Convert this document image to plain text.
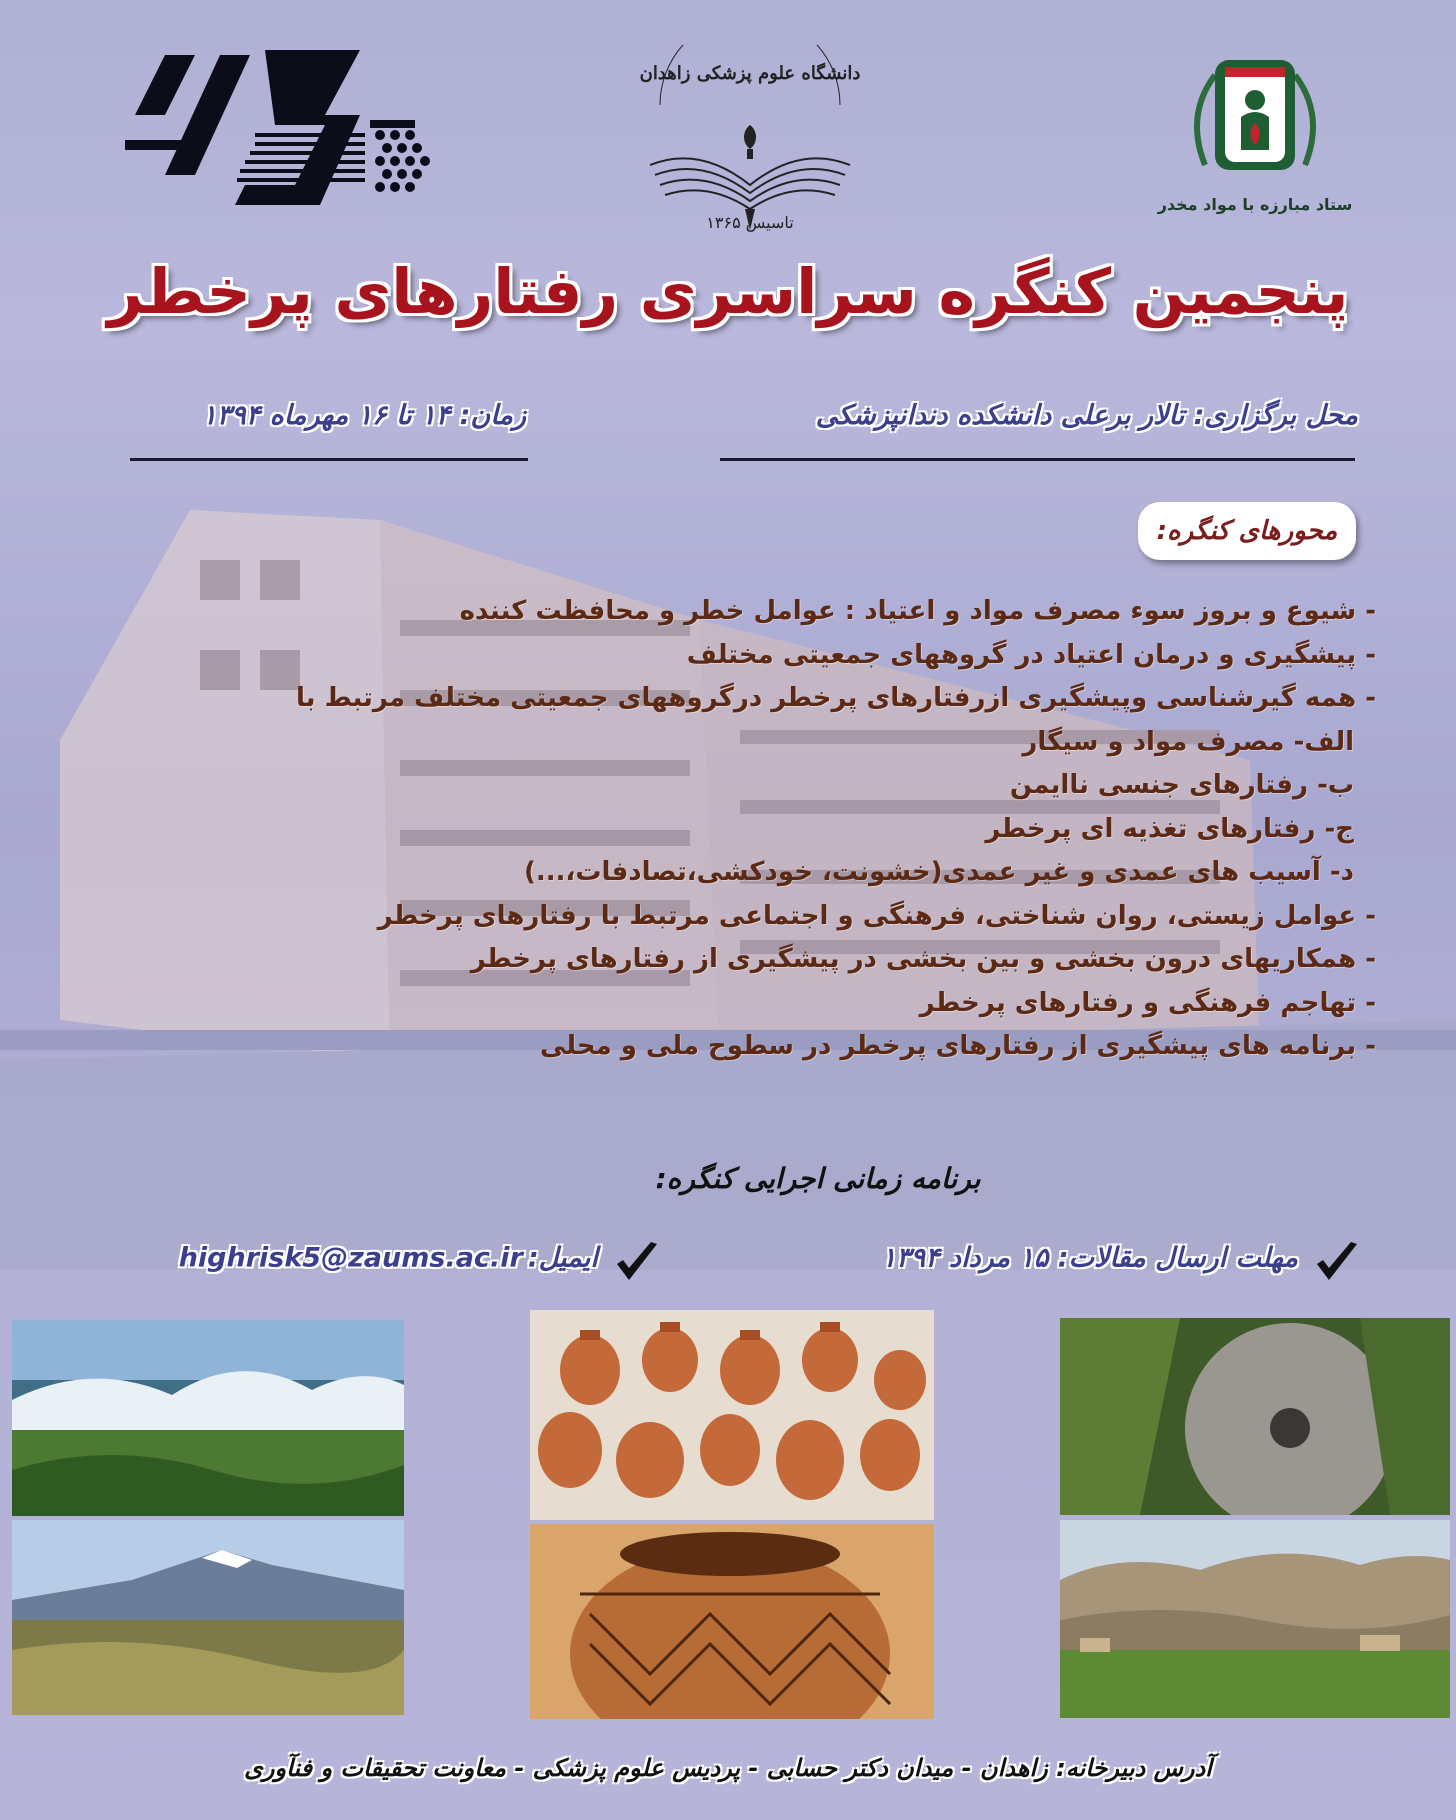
دانشگاه علوم پزشکی زاهدان
تاسیس ۱۳۶۵
ستاد مبارزه با مواد مخدر
پنجمین کنگره سراسری رفتارهای پرخطر
محل برگزاری: تالار برعلی دانشکده دندانپزشکی
زمان: ۱۴ تا ۱۶ مهرماه ۱۳۹۴
محورهای کنگره:
- شیوع و بروز سوء مصرف مواد و اعتیاد : عوامل خطر و محافظت کننده
- پیشگیری و درمان اعتیاد در گروههای جمعیتی مختلف
- همه گیرشناسی وپیشگیری ازرفتارهای پرخطر درگروههای جمعیتی مختلف مرتبط با
الف- مصرف مواد و سیگار
ب- رفتارهای جنسی ناایمن
ج- رفتارهای تغذیه ای پرخطر
د- آسیب های عمدی و غیر عمدی(خشونت، خودکشی،تصادفات،...)
- عوامل زیستی، روان شناختی، فرهنگی و اجتماعی مرتبط با رفتارهای پرخطر
- همکاریهای درون بخشی و بین بخشی در پیشگیری از رفتارهای پرخطر
- تهاجم فرهنگی و رفتارهای پرخطر
- برنامه های پیشگیری از رفتارهای پرخطر در سطوح ملی و محلی
برنامه زمانی اجرایی کنگره:
مهلت ارسال مقالات: ۱۵ مرداد ۱۳۹۴
ایمیل: highrisk5@zaums.ac.ir
آدرس دبیرخانه: زاهدان - میدان دکتر حسابی - پردیس علوم پزشکی - معاونت تحقیقات و فنآوری
